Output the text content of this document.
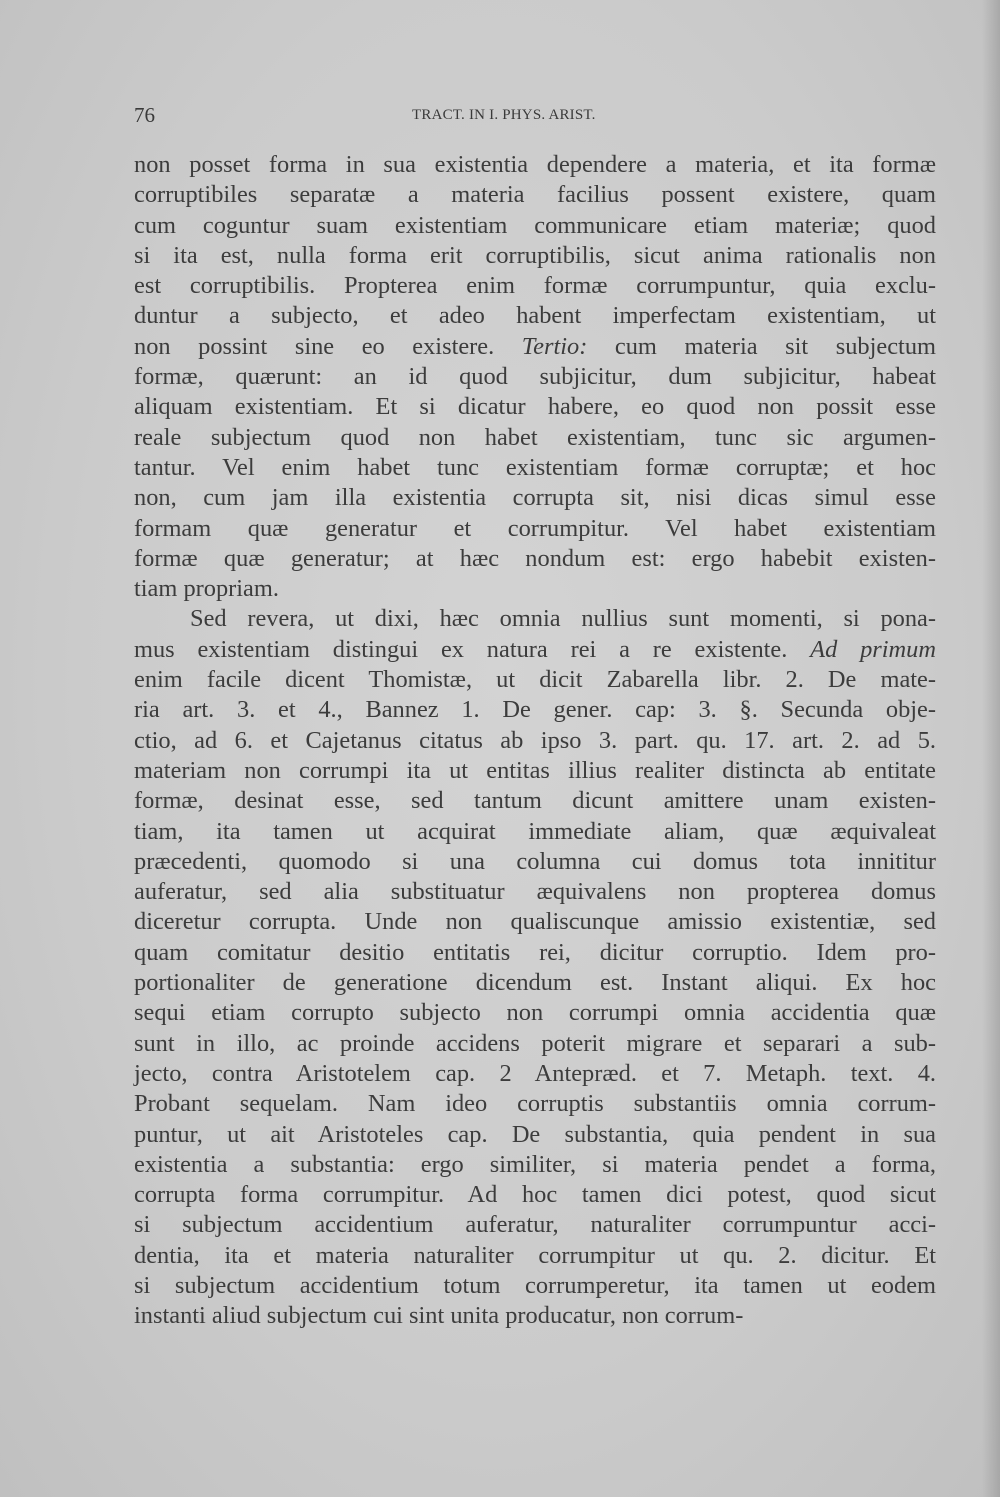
76	TRACT. IN I. PHYS. ARIST.
non posset forma in sua existentia dependere a materia, et ita formæ
corruptibiles separatæ a materia facilius possent existere, quam
cum coguntur suam existentiam communicare etiam materiæ; quod
si ita est, nulla forma erit corruptibilis, sicut anima rationalis non
est corruptibilis. Propterea enim formæ corrumpuntur, quia exclu-
duntur a subjecto, et adeo habent imperfectam existentiam, ut
non possint sine eo existere. Tertio: cum materia sit subjectum
formæ, quærunt: an id quod subjicitur, dum subjicitur, habeat
aliquam existentiam. Et si dicatur habere, eo quod non possit esse
reale subjectum quod non habet existentiam, tunc sic argumen-
tantur. Vel enim habet tunc existentiam formæ corruptæ; et hoc
non, cum jam illa existentia corrupta sit, nisi dicas simul esse
formam quæ generatur et corrumpitur. Vel habet existentiam
formæ quæ generatur; at hæc nondum est: ergo habebit existen-
tiam propriam.
Sed revera, ut dixi, hæc omnia nullius sunt momenti, si pona-
mus existentiam distingui ex natura rei a re existente. Ad primum
enim facile dicent Thomistæ, ut dicit Zabarella libr. 2. De mate-
ria art. 3. et 4., Bannez 1. De gener. cap: 3. §. Secunda obje-
ctio, ad 6. et Cajetanus citatus ab ipso 3. part. qu. 17. art. 2. ad 5.
materiam non corrumpi ita ut entitas illius realiter distincta ab entitate
formæ, desinat esse, sed tantum dicunt amittere unam existen-
tiam, ita tamen ut acquirat immediate aliam, quæ æquivaleat
præcedenti, quomodo si una columna cui domus tota innititur
auferatur, sed alia substituatur æquivalens non propterea domus
diceretur corrupta. Unde non qualiscunque amissio existentiæ, sed
quam comitatur desitio entitatis rei, dicitur corruptio. Idem pro-
portionaliter de generatione dicendum est. Instant aliqui. Ex hoc
sequi etiam corrupto subjecto non corrumpi omnia accidentia quæ
sunt in illo, ac proinde accidens poterit migrare et separari a sub-
jecto, contra Aristotelem cap. 2 Antepræd. et 7. Metaph. text. 4.
Probant sequelam. Nam ideo corruptis substantiis omnia corrum-
puntur, ut ait Aristoteles cap. De substantia, quia pendent in sua
existentia a substantia: ergo similiter, si materia pendet a forma,
corrupta forma corrumpitur. Ad hoc tamen dici potest, quod sicut
si subjectum accidentium auferatur, naturaliter corrumpuntur acci-
dentia, ita et materia naturaliter corrumpitur ut qu. 2. dicitur. Et
si subjectum accidentium totum corrumperetur, ita tamen ut eodem
instanti aliud subjectum cui sint unita producatur, non corrum-
